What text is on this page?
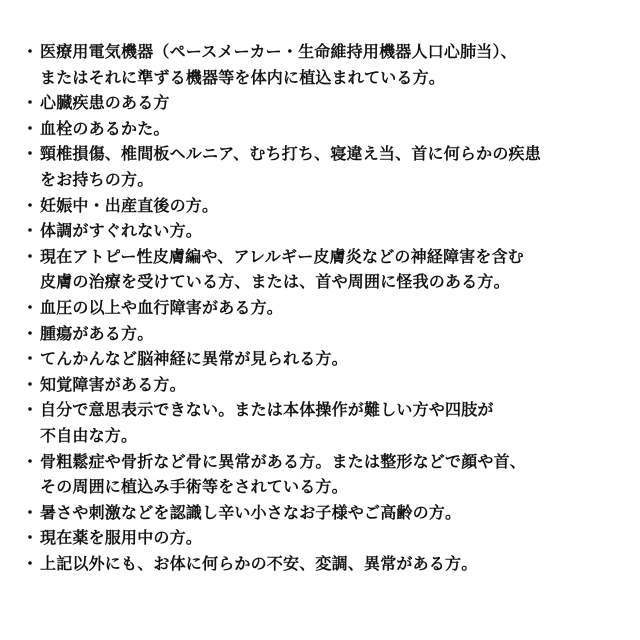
・ 医療用電気機器（ペースメーカー・生命維持用機器人口心肺当）、
またはそれに準ずる機器等を体内に植込まれている方。
・ 心臓疾患のある方
・ 血栓のあるかた。
・ 頸椎損傷、椎間板ヘルニア、むち打ち、寝違え当、首に何らかの疾患
をお持ちの方。
・ 妊娠中・出産直後の方。
・ 体調がすぐれない方。
・ 現在アトピー性皮膚編や、アレルギー皮膚炎などの神経障害を含む
皮膚の治療を受けている方、または、首や周囲に怪我のある方。
・ 血圧の以上や血行障害がある方。
・ 腫瘍がある方。
・ てんかんなど脳神経に異常が見られる方。
・ 知覚障害がある方。
・ 自分で意思表示できない。または本体操作が難しい方や四肢が
不自由な方。
・ 骨粗鬆症や骨折など骨に異常がある方。または整形などで顔や首、
その周囲に植込み手術等をされている方。
・ 暑さや刺激などを認識し辛い小さなお子様やご高齢の方。
・ 現在薬を服用中の方。
・ 上記以外にも、お体に何らかの不安、変調、異常がある方。
